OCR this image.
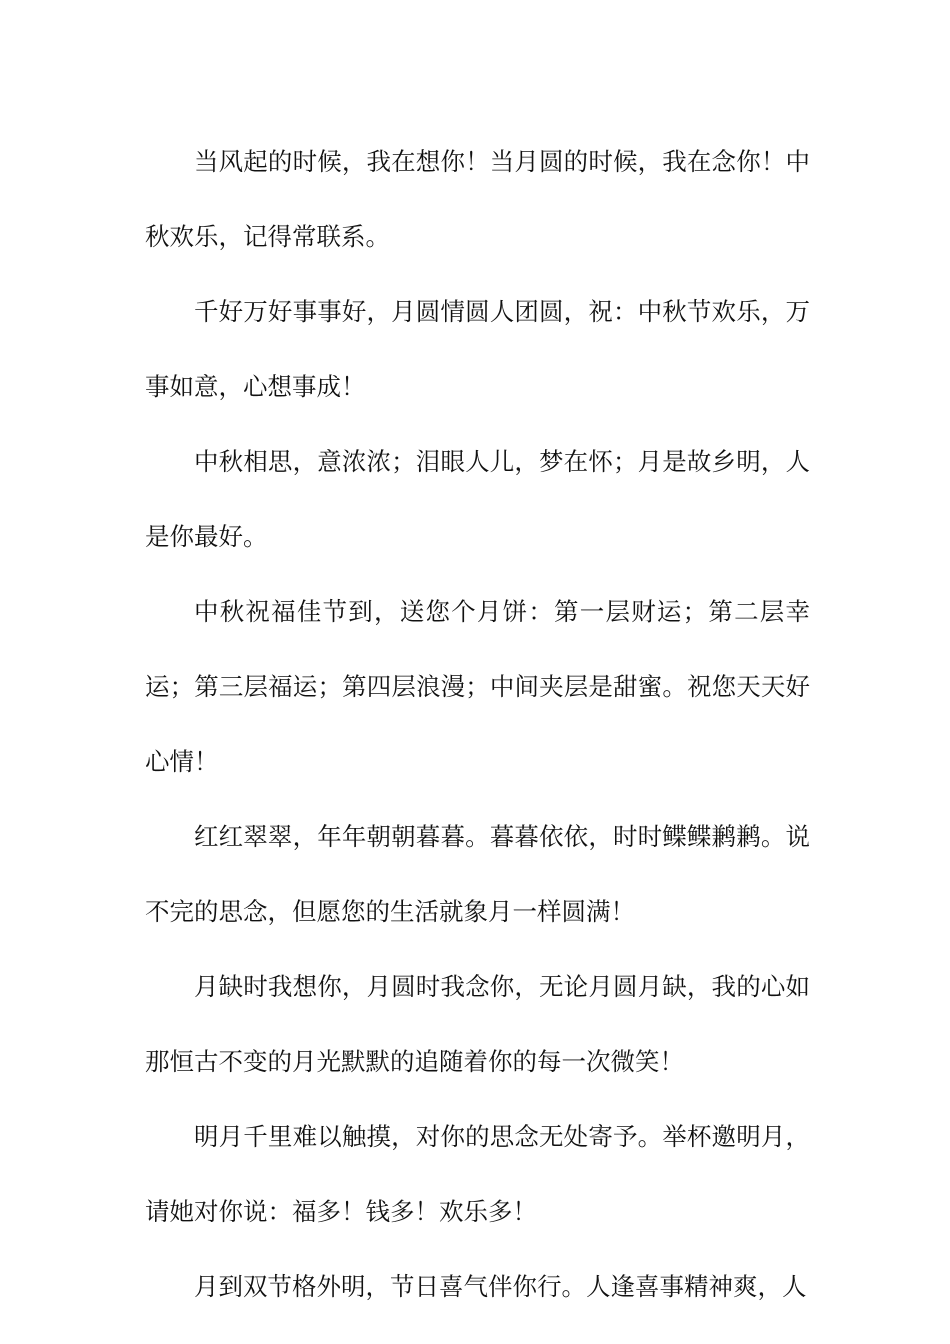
当风起的时候，我在想你！当月圆的时候，我在念你！中秋欢乐，记得常联系。

千好万好事事好，月圆情圆人团圆，祝：中秋节欢乐，万事如意，心想事成！

中秋相思，意浓浓；泪眼人儿，梦在怀；月是故乡明，人是你最好。

中秋祝福佳节到，送您个月饼：第一层财运；第二层幸运；第三层福运；第四层浪漫；中间夹层是甜蜜。祝您天天好心情！

红红翠翠，年年朝朝暮暮。暮暮依依，时时鲽鲽鹣鹣。说不完的思念，但愿您的生活就象月一样圆满！

月缺时我想你，月圆时我念你，无论月圆月缺，我的心如那恒古不变的月光默默的追随着你的每一次微笑！

明月千里难以触摸，对你的思念无处寄予。举杯邀明月，请她对你说：福多！钱多！欢乐多！

月到双节格外明，节日喜气伴你行。人逢喜事精神爽，人
